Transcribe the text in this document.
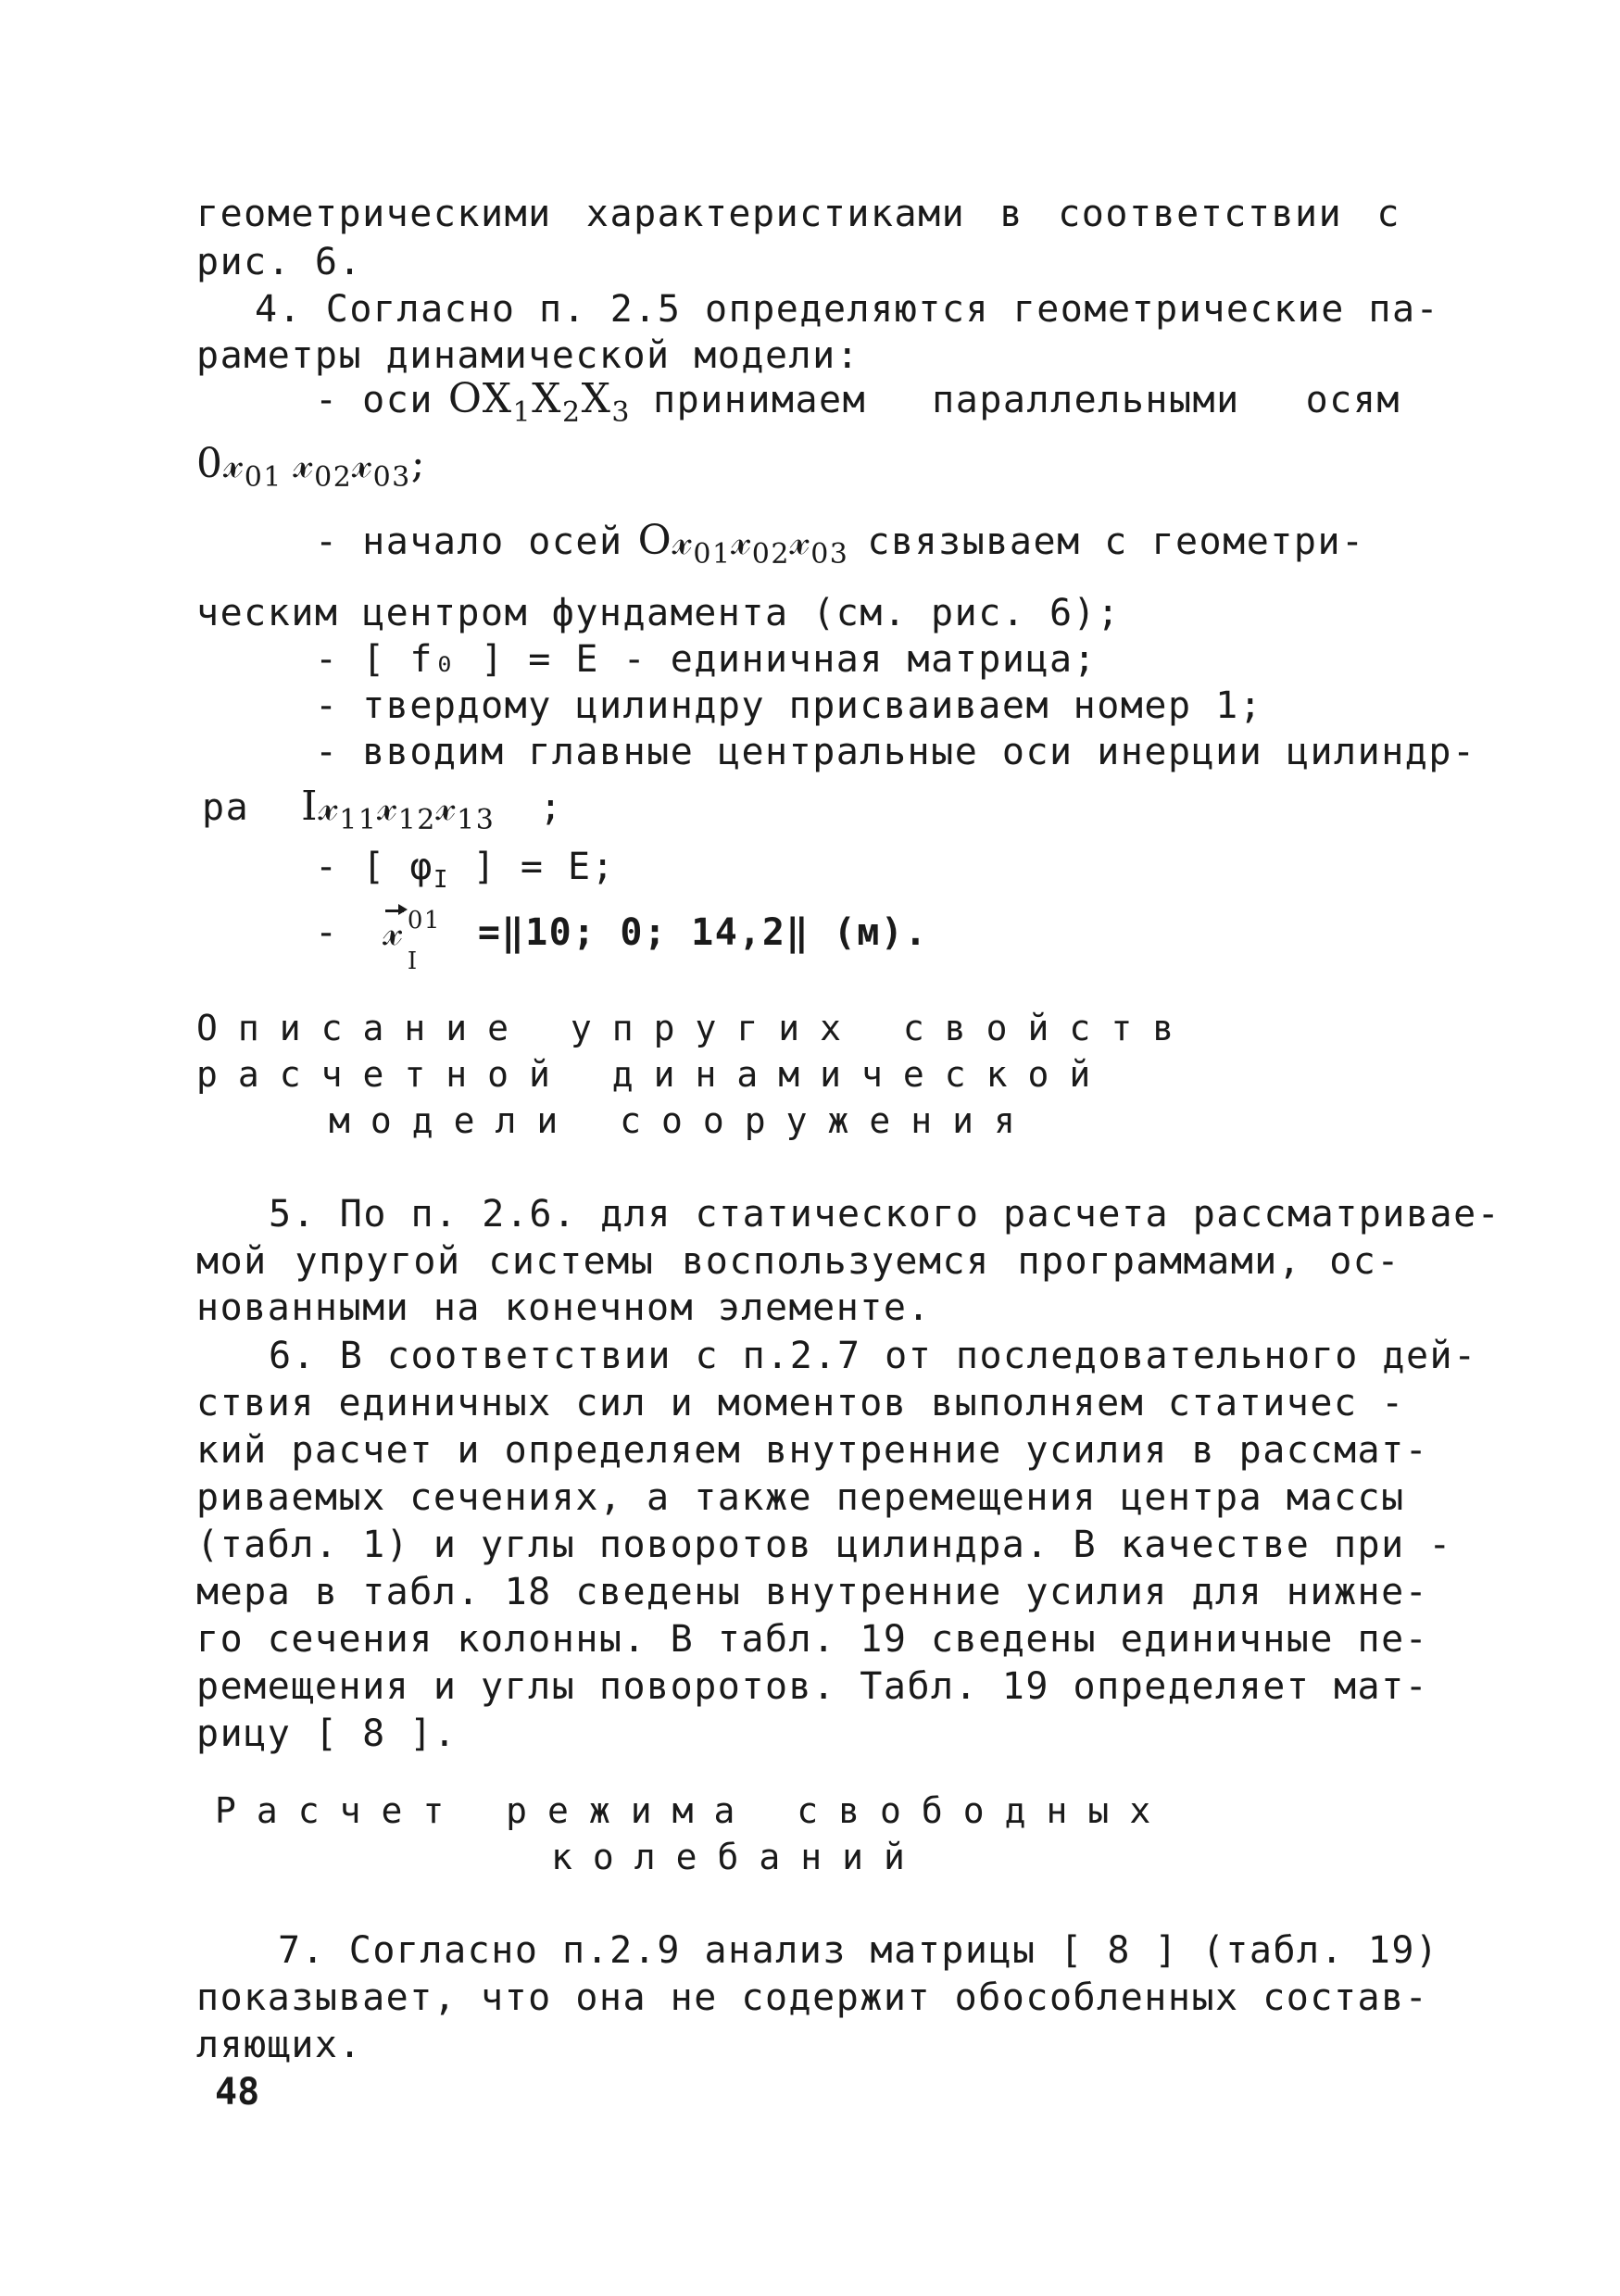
геометрическими характеристиками в соответствии с
рис. 6.
4. Согласно п. 2.5 определяются геометрические па-
раметры динамической модели:
- оси $OX_1X_2X_3$ принимаем параллельными осям
0𝓍$_{01}$ 𝓍$_{02}$𝓍$_{03}$;
- начало осей O𝓍$_{01}$𝓍$_{02}$𝓍$_{03}$ связываем с геометри-
ческим центром фундамента (см. рис. 6);
- [ f₀ ] = E - единичная матрица;
- твердому цилиндру присваиваем номер 1;
- вводим главные центральные оси инерции цилиндр-
ра I𝓍$_{11}$𝓍$_{12}$𝓍$_{13}$ ;
- [ $\varphi_I$ ] = E;
- 𝓍 01
I
=‖10; 0; 14,2‖ (м).
Описание упругих свойств
расчетной динамической
модели сооружения
5. По п. 2.6. для статического расчета рассматривае-
мой упругой системы воспользуемся программами, ос-
нованными на конечном элементе.
6. В соответствии с п.2.7 от последовательного дей-
ствия единичных сил и моментов выполняем статичес -
кий расчет и определяем внутренние усилия в рассмат-
риваемых сечениях, а также перемещения центра массы
(табл. 1) и углы поворотов цилиндра. В качестве при -
мера в табл. 18 сведены внутренние усилия для нижне-
го сечения колонны. В табл. 19 сведены единичные пе-
ремещения и углы поворотов. Табл. 19 определяет мат-
рицу [ 8 ].
Расчет режима свободных
колебаний
7. Согласно п.2.9 анализ матрицы [ 8 ] (табл. 19)
показывает, что она не содержит обособленных состав-
ляющих.
48
